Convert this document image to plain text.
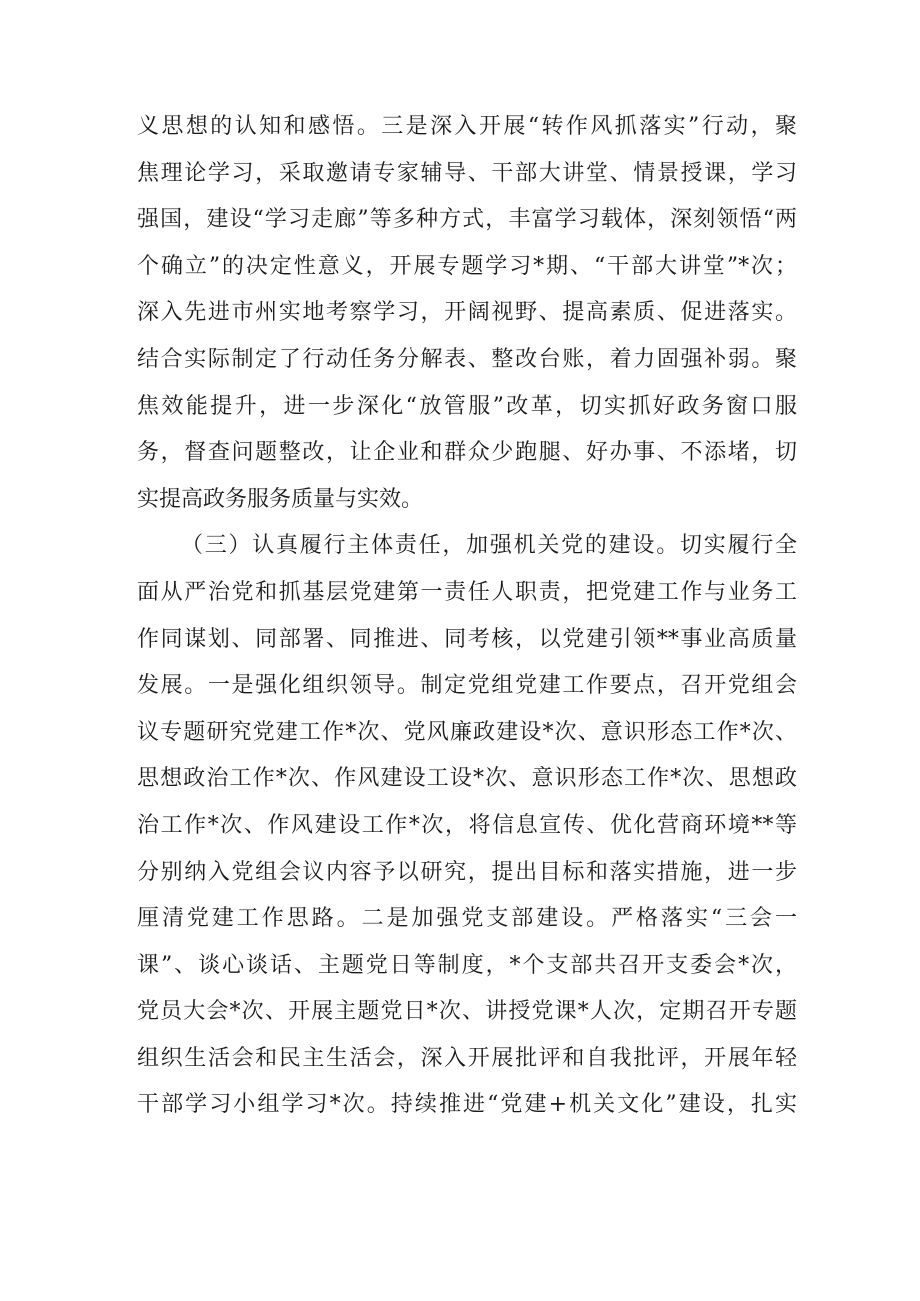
义思想的认知和感悟。三是深入开展“转作风抓落实”行动，聚
焦理论学习，采取邀请专家辅导、干部大讲堂、情景授课，学习
强国，建设“学习走廊”等多种方式，丰富学习载体，深刻领悟“两
个确立”的决定性意义，开展专题学习*期、“干部大讲堂”*次；
深入先进市州实地考察学习，开阔视野、提高素质、促进落实。
结合实际制定了行动任务分解表、整改台账，着力固强补弱。聚
焦效能提升，进一步深化“放管服”改革，切实抓好政务窗口服
务，督查问题整改，让企业和群众少跑腿、好办事、不添堵，切
实提高政务服务质量与实效。
（三）认真履行主体责任，加强机关党的建设。切实履行全
面从严治党和抓基层党建第一责任人职责，把党建工作与业务工
作同谋划、同部署、同推进、同考核，以党建引领**事业高质量
发展。一是强化组织领导。制定党组党建工作要点，召开党组会
议专题研究党建工作*次、党风廉政建设*次、意识形态工作*次、
思想政治工作*次、作风建设工设*次、意识形态工作*次、思想政
治工作*次、作风建设工作*次，将信息宣传、优化营商环境**等
分别纳入党组会议内容予以研究，提出目标和落实措施，进一步
厘清党建工作思路。二是加强党支部建设。严格落实“三会一
课”、谈心谈话、主题党日等制度，*个支部共召开支委会*次，
党员大会*次、开展主题党日*次、讲授党课*人次，定期召开专题
组织生活会和民主生活会，深入开展批评和自我批评，开展年轻
干部学习小组学习*次。持续推进“党建+机关文化”建设，扎实
